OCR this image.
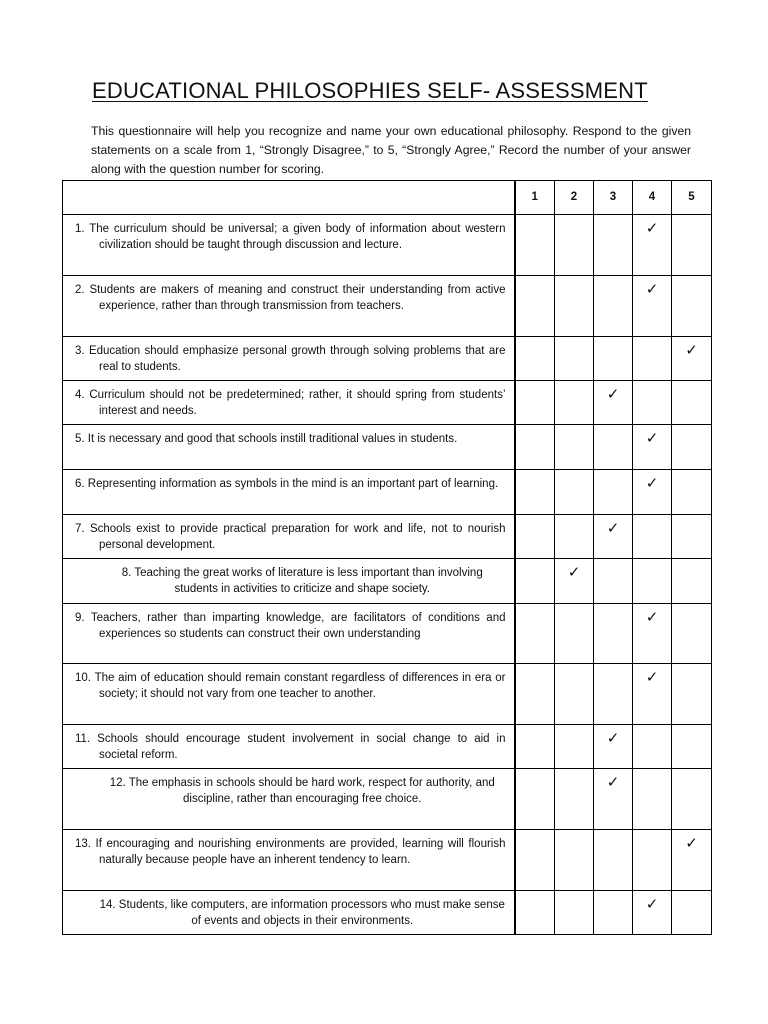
EDUCATIONAL PHILOSOPHIES SELF- ASSESSMENT
This questionnaire will help you recognize and name your own educational philosophy. Respond to the given statements on a scale from 1, “Strongly Disagree,” to 5, “Strongly Agree,” Record the number of your answer along with the question number for scoring.
	1	2	3	4	5

1. The curriculum should be universal; a given body of information about western civilization should be taught through discussion and lecture.				✓	

2. Students are makers of meaning and construct their understanding from active experience, rather than through transmission from teachers.				✓	

3. Education should emphasize personal growth through solving problems that are real to students.					✓

4. Curriculum should not be predetermined; rather, it should spring from students’ interest and needs.			✓		

5. It is necessary and good that schools instill traditional values in students.				✓	

6. Representing information as symbols in the mind is an important part of learning.				✓	

7. Schools exist to provide practical preparation for work and life, not to nourish personal development.			✓		

8. Teaching the great works of literature is less important than involving students in activities to criticize and shape society.		✓			

9. Teachers, rather than imparting knowledge, are facilitators of conditions and experiences so students can construct their own understanding				✓	

10. The aim of education should remain constant regardless of differences in era or society; it should not vary from one teacher to another.				✓	

11. Schools should encourage student involvement in social change to aid in societal reform.			✓		

12. The emphasis in schools should be hard work, respect for authority, and discipline, rather than encouraging free choice.			✓		

13. If encouraging and nourishing environments are provided, learning will flourish naturally because people have an inherent tendency to learn.					✓

14. Students, like computers, are information processors who must make sense of events and objects in their environments.				✓	
